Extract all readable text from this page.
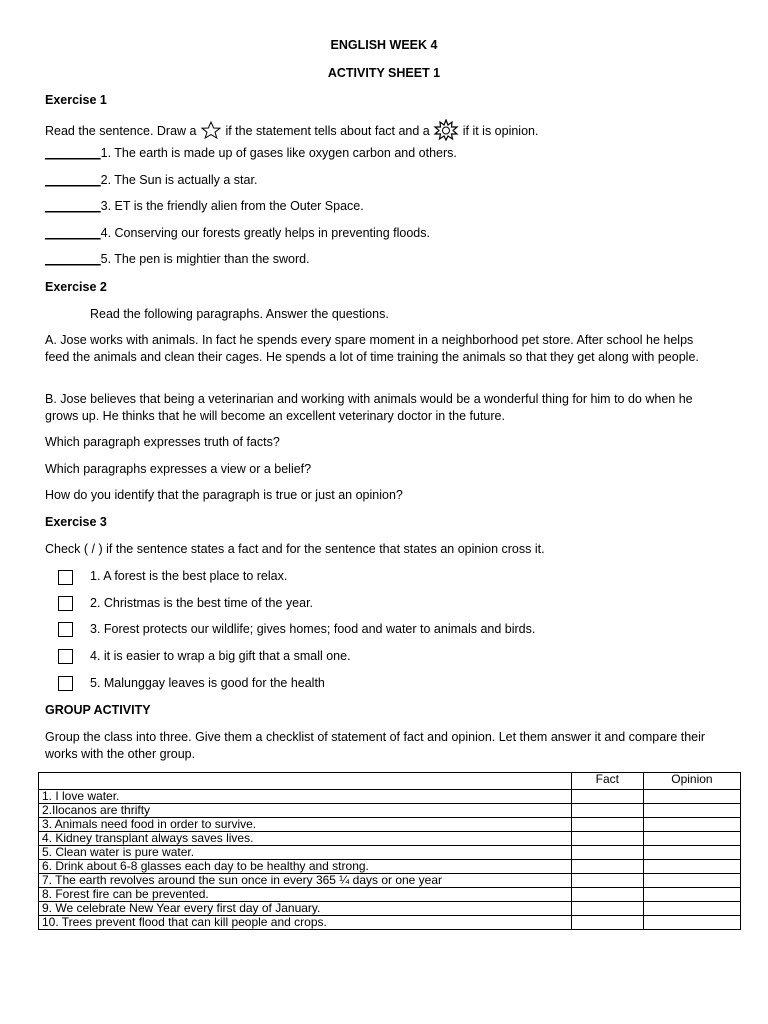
ENGLISH WEEK 4
ACTIVITY SHEET 1
Exercise 1
Read the sentence. Draw a if the statement tells about fact and a	if it is opinion.
________1. The earth is made up of gases like oxygen carbon and others.
________2. The Sun is actually a star.
________3. ET is the friendly alien from the Outer Space.
________4. Conserving our forests greatly helps in preventing floods.
________5. The pen is mightier than the sword.
Exercise 2
Read the following paragraphs. Answer the questions.
A. Jose works with animals. In fact he spends every spare moment in a neighborhood pet store. After school he helps feed the animals and clean their cages. He spends a lot of time training the animals so that they get along with people.
B. Jose believes that being a veterinarian and working with animals would be a wonderful thing for him to do when he grows up. He thinks that he will become an excellent veterinary doctor in the future.
Which paragraph expresses truth of facts?
Which paragraphs expresses a view or a belief?
How do you identify that the paragraph is true or just an opinion?
Exercise 3
Check ( / ) if the sentence states a fact and for the sentence that states an opinion cross it.
1. A forest is the best place to relax.
2. Christmas is the best time of the year.
3. Forest protects our wildlife; gives homes; food and water to animals and birds.
4. it is easier to wrap a big gift that a small one.
5. Malunggay leaves is good for the health
GROUP ACTIVITY
Group the class into three. Give them a checklist of statement of fact and opinion. Let them answer it and compare their works with the other group.
	Fact	Opinion
1. I love water.		
2.Ilocanos are thrifty		
3. Animals need food in order to survive.		
4. Kidney transplant always saves lives.		
5. Clean water is pure water.		
6. Drink about 6-8 glasses each day to be healthy and strong.		
7. The earth revolves around the sun once in every 365 ¼ days or one year		
8. Forest fire can be prevented.		
9. We celebrate New Year every first day of January.		
10. Trees prevent flood that can kill people and crops.		
